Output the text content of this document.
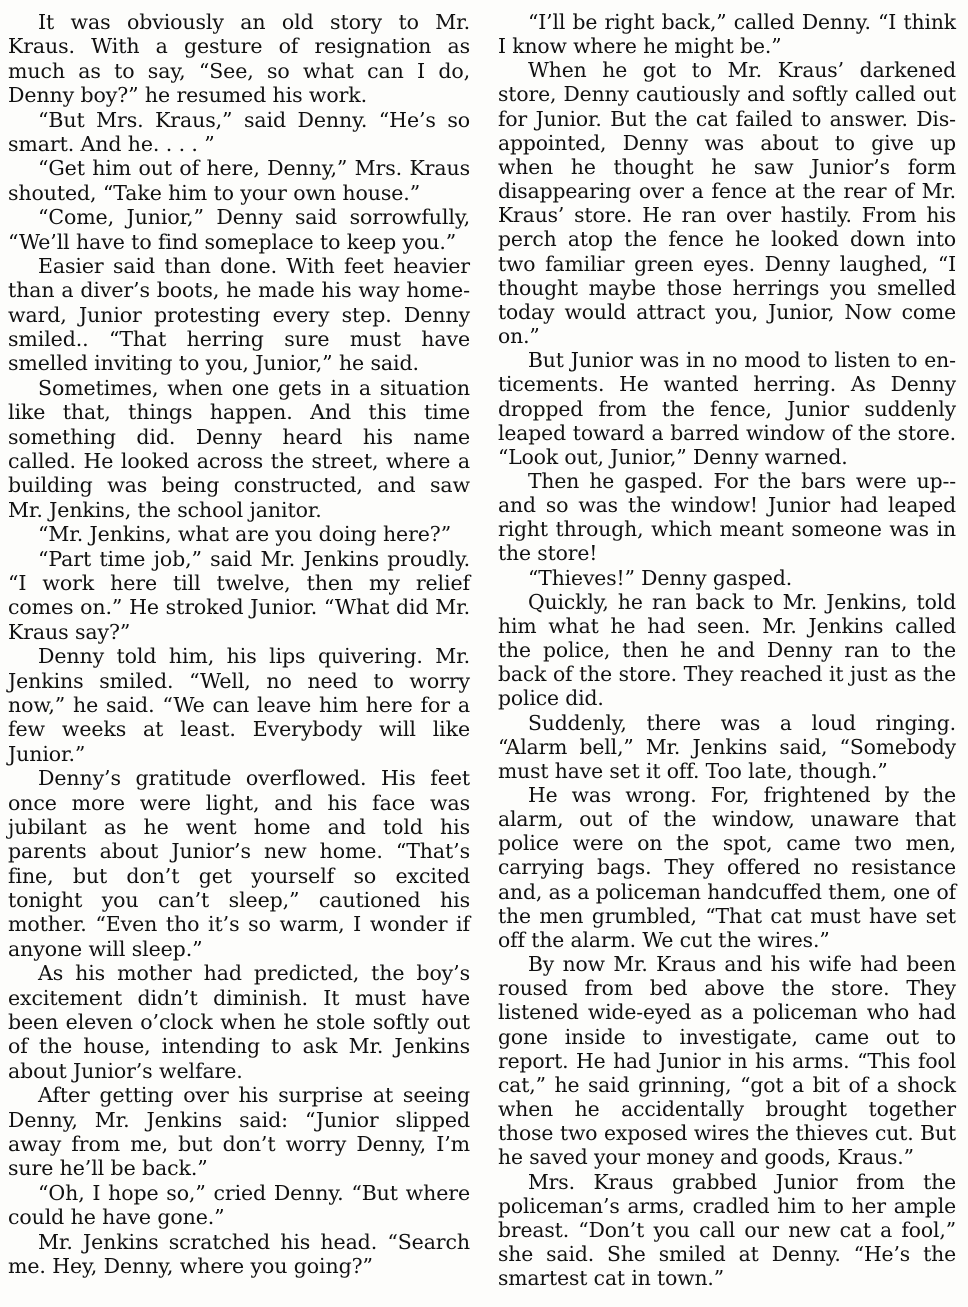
It was obviously an old story to Mr. Kraus. With a gesture of resignation as much as to say, “See, so what can I do, Denny boy?” he resumed his work.

“But Mrs. Kraus,” said Denny. “He’s so smart. And he. . . . ”

“Get him out of here, Denny,” Mrs. Kraus shouted, “Take him to your own house.”

“Come, Junior,” Denny said sorrowfully, “We’ll have to find someplace to keep you.”

Easier said than done. With feet heavier than a diver’s boots, he made his way homeward, Junior protesting every step. Denny smiled.. “That herring sure must have smelled inviting to you, Junior,” he said.

Sometimes, when one gets in a situation like that, things happen. And this time something did. Denny heard his name called. He looked across the street, where a building was being constructed, and saw Mr. Jenkins, the school janitor.

“Mr. Jenkins, what are you doing here?”

“Part time job,” said Mr. Jenkins proudly. “I work here till twelve, then my relief comes on.” He stroked Junior. “What did Mr. Kraus say?”

Denny told him, his lips quivering. Mr. Jenkins smiled. “Well, no need to worry now,” he said. “We can leave him here for a few weeks at least. Everybody will like Junior.”

Denny’s gratitude overflowed. His feet once more were light, and his face was jubilant as he went home and told his parents about Junior’s new home. “That’s fine, but don’t get yourself so excited tonight you can’t sleep,” cautioned his mother. “Even tho it’s so warm, I wonder if anyone will sleep.”

As his mother had predicted, the boy’s excitement didn’t diminish. It must have been eleven o’clock when he stole softly out of the house, intending to ask Mr. Jenkins about Junior’s welfare.

After getting over his surprise at seeing Denny, Mr. Jenkins said: “Junior slipped away from me, but don’t worry Denny, I’m sure he’ll be back.”

“Oh, I hope so,” cried Denny. “But where could he have gone.”

Mr. Jenkins scratched his head. “Search me. Hey, Denny, where you going?”

“I’ll be right back,” called Denny. “I think I know where he might be.”

When he got to Mr. Kraus’ darkened store, Denny cautiously and softly called out for Junior. But the cat failed to answer. Disappointed, Denny was about to give up when he thought he saw Junior’s form disappearing over a fence at the rear of Mr. Kraus’ store. He ran over hastily. From his perch atop the fence he looked down into two familiar green eyes. Denny laughed, “I thought maybe those herrings you smelled today would attract you, Junior, Now come on.”

But Junior was in no mood to listen to enticements. He wanted herring. As Denny dropped from the fence, Junior suddenly leaped toward a barred window of the store. “Look out, Junior,” Denny warned.

Then he gasped. For the bars were up-- and so was the window! Junior had leaped right through, which meant someone was in the store!

“Thieves!” Denny gasped.

Quickly, he ran back to Mr. Jenkins, told him what he had seen. Mr. Jenkins called the police, then he and Denny ran to the back of the store. They reached it just as the police did.

Suddenly, there was a loud ringing. “Alarm bell,” Mr. Jenkins said, “Somebody must have set it off. Too late, though.”

He was wrong. For, frightened by the alarm, out of the window, unaware that police were on the spot, came two men, carrying bags. They offered no resistance and, as a policeman handcuffed them, one of the men grumbled, “That cat must have set off the alarm. We cut the wires.”

By now Mr. Kraus and his wife had been roused from bed above the store. They listened wide-eyed as a policeman who had gone inside to investigate, came out to report. He had Junior in his arms. “This fool cat,” he said grinning, “got a bit of a shock when he accidentally brought together those two exposed wires the thieves cut. But he saved your money and goods, Kraus.”

Mrs. Kraus grabbed Junior from the policeman’s arms, cradled him to her ample breast. “Don’t you call our new cat a fool,” she said. She smiled at Denny. “He’s the smartest cat in town.”
